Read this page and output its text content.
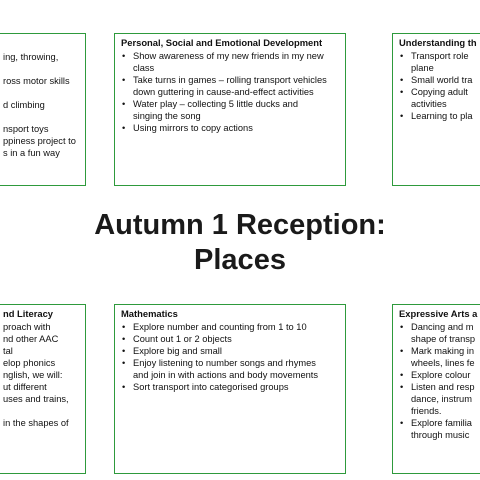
ing, throwing,

ross motor skills

d climbing

nsport toys
ppiness project to
s in a fun way
Personal, Social and Emotional Development
• Show awareness of my new friends in my new
class
• Take turns in games – rolling transport vehicles
down guttering in cause-and-effect activities
• Water play – collecting 5 little ducks and
singing the song
• Using mirrors to copy actions
Understanding th
• Transport role
plane
• Small world tra
• Copying adult
activities
• Learning to pla
Autumn 1 Reception:
Places
nd Literacy
proach with
nd other AAC
tal
elop phonics
nglish, we will:
ut different
uses and trains,

in the shapes of
Mathematics
• Explore number and counting from 1 to 10
• Count out 1 or 2 objects
• Explore big and small
• Enjoy listening to number songs and rhymes
and join in with actions and body movements
• Sort transport into categorised groups
Expressive Arts a
• Dancing and m
shape of transp
• Mark making in
wheels, lines fe
• Explore colour
• Listen and resp
dance, instrum
friends.
• Explore familia
through music
